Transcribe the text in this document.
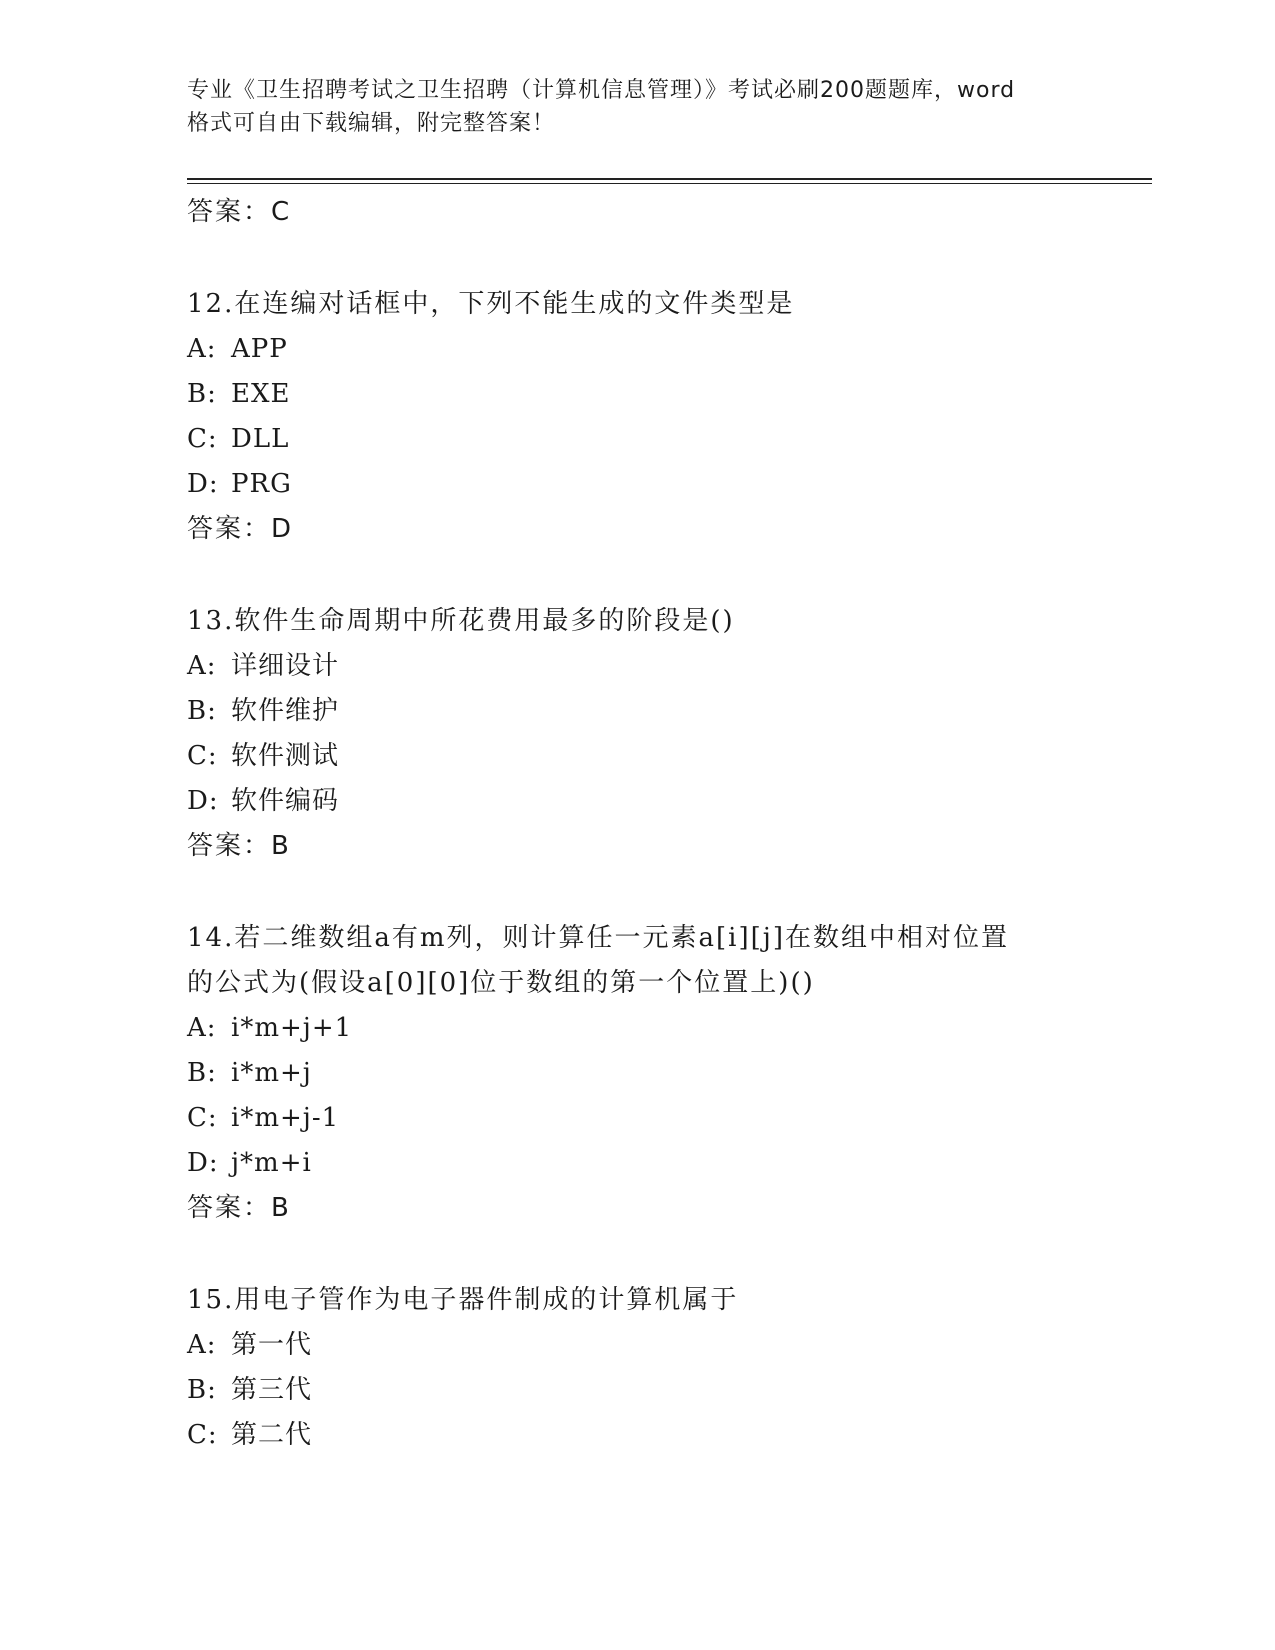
专业《卫生招聘考试之卫生招聘（计算机信息管理）》考试必刷200题题库，word
格式可自由下载编辑，附完整答案！
答案：C
12.在连编对话框中，下列不能生成的文件类型是
A: APP
B: EXE
C: DLL
D: PRG
答案：D
13.软件生命周期中所花费用最多的阶段是()
A: 详细设计
B: 软件维护
C: 软件测试
D: 软件编码
答案：B
14.若二维数组a有m列，则计算任一元素a[i][j]在数组中相对位置
的公式为(假设a[0][0]位于数组的第一个位置上)()
A: i*m+j+1
B: i*m+j
C: i*m+j-1
D: j*m+i
答案：B
15.用电子管作为电子器件制成的计算机属于
A: 第一代
B: 第三代
C: 第二代
